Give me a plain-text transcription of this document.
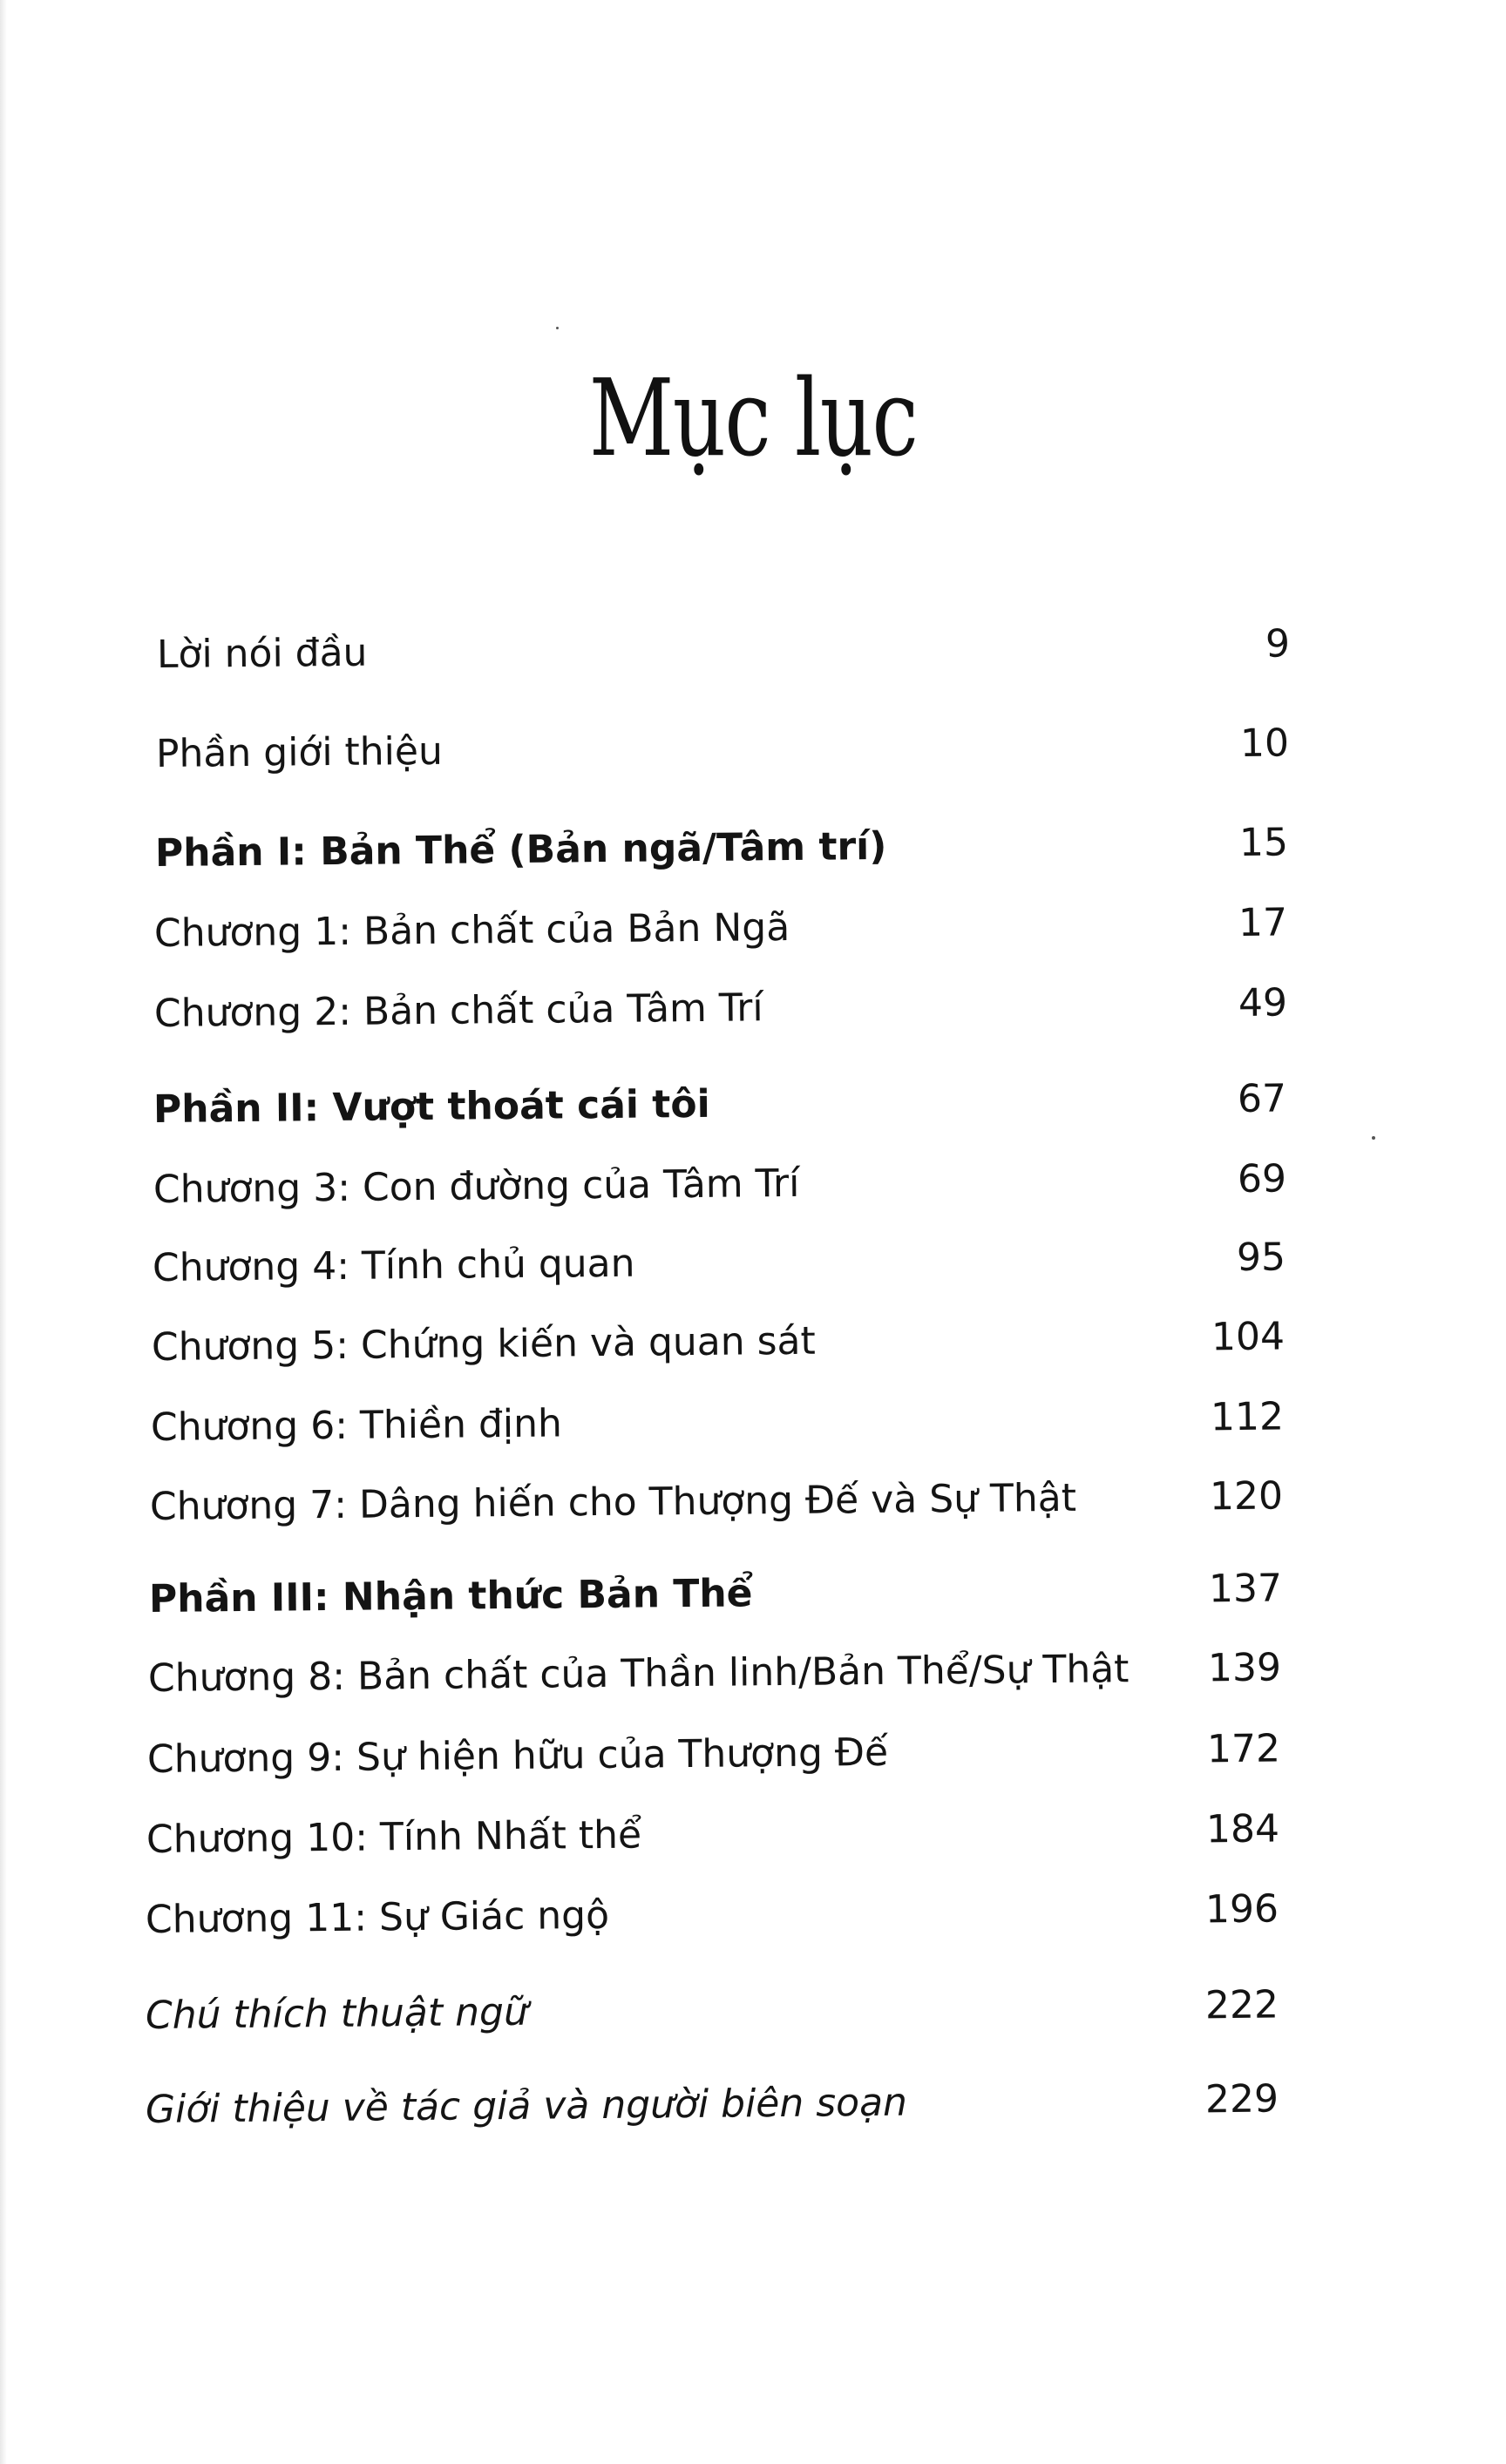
Mục lục
Lời nói đầu	9
Phần giới thiệu	10
Phần I: Bản Thể (Bản ngã/Tâm trí)	15
Chương 1: Bản chất của Bản Ngã	17
Chương 2: Bản chất của Tâm Trí	49
Phần II: Vượt thoát cái tôi	67
Chương 3: Con đường của Tâm Trí	69
Chương 4: Tính chủ quan	95
Chương 5: Chứng kiến và quan sát	104
Chương 6: Thiền định	112
Chương 7: Dâng hiến cho Thượng Đế và Sự Thật	120
Phần III: Nhận thức Bản Thể	137
Chương 8: Bản chất của Thần linh/Bản Thể/Sự Thật 139
Chương 9: Sự hiện hữu của Thượng Đế	172
Chương 10: Tính Nhất thể	184
Chương 11: Sự Giác ngộ	196
Chú thích thuật ngữ	222
Giới thiệu về tác giả và người biên soạn	229
